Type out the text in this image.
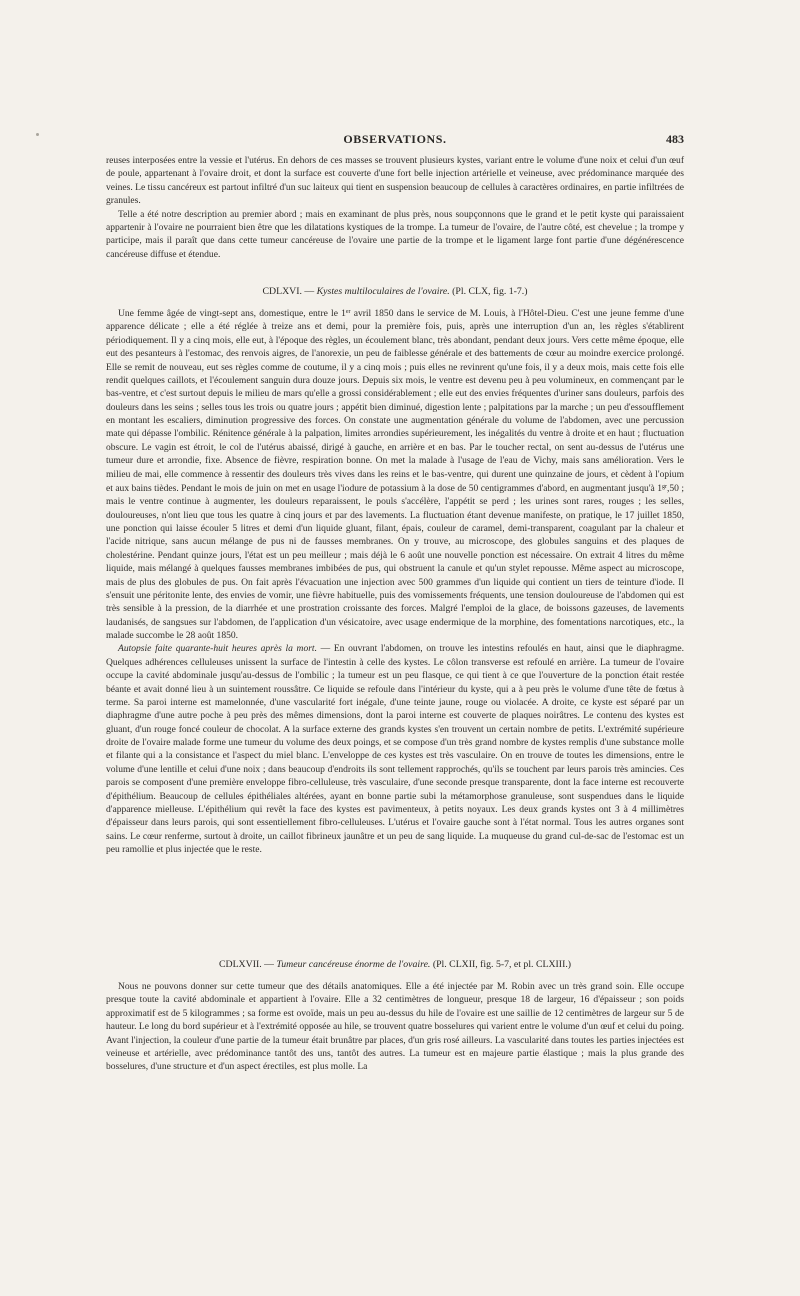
OBSERVATIONS.	483

reuses interposées entre la vessie et l'utérus. En dehors de ces masses se trouvent plusieurs kystes, variant entre le volume d'une noix et celui d'un œuf de poule, appartenant à l'ovaire droit, et dont la surface est couverte d'une fort belle injection artérielle et veineuse, avec prédominance marquée des veines. Le tissu cancéreux est partout infiltré d'un suc laiteux qui tient en suspension beaucoup de cellules à caractères ordinaires, en partie infiltrées de granules.

Telle a été notre description au premier abord ; mais en examinant de plus près, nous soupçonnons que le grand et le petit kyste qui paraissaient appartenir à l'ovaire ne pourraient bien être que les dilatations kystiques de la trompe. La tumeur de l'ovaire, de l'autre côté, est chevelue ; la trompe y participe, mais il paraît que dans cette tumeur cancéreuse de l'ovaire une partie de la trompe et le ligament large font partie d'une dégénérescence cancéreuse diffuse et étendue.

CDLXVI. — Kystes multiloculaires de l'ovaire. (Pl. CLX, fig. 1-7.)

Une femme âgée de vingt-sept ans, domestique, entre le 1er avril 1850 dans le service de M. Louis, à l'Hôtel-Dieu. C'est une jeune femme d'une apparence délicate ; elle a été réglée à treize ans et demi, pour la première fois, puis, après une interruption d'un an, les règles s'établirent périodiquement. Il y a cinq mois, elle eut, à l'époque des règles, un écoulement blanc, très abondant, pendant deux jours. Vers cette même époque, elle eut des pesanteurs à l'estomac, des renvois aigres, de l'anorexie, un peu de faiblesse générale et des battements de cœur au moindre exercice prolongé. Elle se remit de nouveau, eut ses règles comme de coutume, il y a cinq mois ; puis elles ne revinrent qu'une fois, il y a deux mois, mais cette fois elle rendit quelques caillots, et l'écoulement sanguin dura douze jours. Depuis six mois, le ventre est devenu peu à peu volumineux, en commençant par le bas-ventre, et c'est surtout depuis le milieu de mars qu'elle a grossi considérablement ; elle eut des envies fréquentes d'uriner sans douleurs, parfois des douleurs dans les seins ; selles tous les trois ou quatre jours ; appétit bien diminué, digestion lente ; palpitations par la marche ; un peu d'essoufflement en montant les escaliers, diminution progressive des forces. On constate une augmentation générale du volume de l'abdomen, avec une percussion mate qui dépasse l'ombilic. Rénitence générale à la palpation, limites arrondies supérieurement, les inégalités du ventre à droite et en haut ; fluctuation obscure. Le vagin est étroit, le col de l'utérus abaissé, dirigé à gauche, en arrière et en bas. Par le toucher rectal, on sent au-dessus de l'utérus une tumeur dure et arrondie, fixe. Absence de fièvre, respiration bonne. On met la malade à l'usage de l'eau de Vichy, mais sans amélioration. Vers le milieu de mai, elle commence à ressentir des douleurs très vives dans les reins et le bas-ventre, qui durent une quinzaine de jours, et cèdent à l'opium et aux bains tièdes. Pendant le mois de juin on met en usage l'iodure de potassium à la dose de 50 centigrammes d'abord, en augmentant jusqu'à $1^{gr},50$ ; mais le ventre continue à augmenter, les douleurs reparaissent, le pouls s'accélère, l'appétit se perd ; les urines sont rares, rouges ; les selles, douloureuses, n'ont lieu que tous les quatre à cinq jours et par des lavements. La fluctuation étant devenue manifeste, on pratique, le 17 juillet 1850, une ponction qui laisse écouler 5 litres et demi d'un liquide gluant, filant, épais, couleur de caramel, demi-transparent, coagulant par la chaleur et l'acide nitrique, sans aucun mélange de pus ni de fausses membranes. On y trouve, au microscope, des globules sanguins et des plaques de cholestérine. Pendant quinze jours, l'état est un peu meilleur ; mais déjà le 6 août une nouvelle ponction est nécessaire. On extrait 4 litres du même liquide, mais mélangé à quelques fausses membranes imbibées de pus, qui obstruent la canule et qu'un stylet repousse. Même aspect au microscope, mais de plus des globules de pus. On fait après l'évacuation une injection avec 500 grammes d'un liquide qui contient un tiers de teinture d'iode. Il s'ensuit une péritonite lente, des envies de vomir, une fièvre habituelle, puis des vomissements fréquents, une tension douloureuse de l'abdomen qui est très sensible à la pression, de la diarrhée et une prostration croissante des forces. Malgré l'emploi de la glace, de boissons gazeuses, de lavements laudanisés, de sangsues sur l'abdomen, de l'application d'un vésicatoire, avec usage endermique de la morphine, des fomentations narcotiques, etc., la malade succombe le 28 août 1850.

Autopsie faite quarante-huit heures après la mort. — En ouvrant l'abdomen, on trouve les intestins refoulés en haut, ainsi que le diaphragme. Quelques adhérences celluleuses unissent la surface de l'intestin à celle des kystes. Le côlon transverse est refoulé en arrière. La tumeur de l'ovaire occupe la cavité abdominale jusqu'au-dessus de l'ombilic ; la tumeur est un peu flasque, ce qui tient à ce que l'ouverture de la ponction était restée béante et avait donné lieu à un suintement roussâtre. Ce liquide se refoule dans l'intérieur du kyste, qui a à peu près le volume d'une tête de fœtus à terme. Sa paroi interne est mamelonnée, d'une vascularité fort inégale, d'une teinte jaune, rouge ou violacée. A droite, ce kyste est séparé par un diaphragme d'une autre poche à peu près des mêmes dimensions, dont la paroi interne est couverte de plaques noirâtres. Le contenu des kystes est gluant, d'un rouge foncé couleur de chocolat. A la surface externe des grands kystes s'en trouvent un certain nombre de petits. L'extrémité supérieure droite de l'ovaire malade forme une tumeur du volume des deux poings, et se compose d'un très grand nombre de kystes remplis d'une substance molle et filante qui a la consistance et l'aspect du miel blanc. L'enveloppe de ces kystes est très vasculaire. On en trouve de toutes les dimensions, entre le volume d'une lentille et celui d'une noix ; dans beaucoup d'endroits ils sont tellement rapprochés, qu'ils se touchent par leurs parois très amincies. Ces parois se composent d'une première enveloppe fibro-celluleuse, très vasculaire, d'une seconde presque transparente, dont la face interne est recouverte d'épithélium. Beaucoup de cellules épithéliales altérées, ayant en bonne partie subi la métamorphose granuleuse, sont suspendues dans le liquide d'apparence mielleuse. L'épithélium qui revêt la face des kystes est pavimenteux, à petits noyaux. Les deux grands kystes ont 3 à 4 millimètres d'épaisseur dans leurs parois, qui sont essentiellement fibro-celluleuses. L'utérus et l'ovaire gauche sont à l'état normal. Tous les autres organes sont sains. Le cœur renferme, surtout à droite, un caillot fibrineux jaunâtre et un peu de sang liquide. La muqueuse du grand cul-de-sac de l'estomac est un peu ramollie et plus injectée que le reste.

CDLXVII. — Tumeur cancéreuse énorme de l'ovaire. (Pl. CLXII, fig. 5-7, et pl. CLXIII.)

Nous ne pouvons donner sur cette tumeur que des détails anatomiques. Elle a été injectée par M. Robin avec un très grand soin. Elle occupe presque toute la cavité abdominale et appartient à l'ovaire. Elle a 32 centimètres de longueur, presque 18 de largeur, 16 d'épaisseur ; son poids approximatif est de 5 kilogrammes ; sa forme est ovoïde, mais un peu au-dessus du hile de l'ovaire est une saillie de 12 centimètres de largeur sur 5 de hauteur. Le long du bord supérieur et à l'extrémité opposée au hile, se trouvent quatre bosselures qui varient entre le volume d'un œuf et celui du poing. Avant l'injection, la couleur d'une partie de la tumeur était brunâtre par places, d'un gris rosé ailleurs. La vascularité dans toutes les parties injectées est veineuse et artérielle, avec prédominance tantôt des uns, tantôt des autres. La tumeur est en majeure partie élastique ; mais la plus grande des bosselures, d'une structure et d'un aspect érectiles, est plus molle. La
